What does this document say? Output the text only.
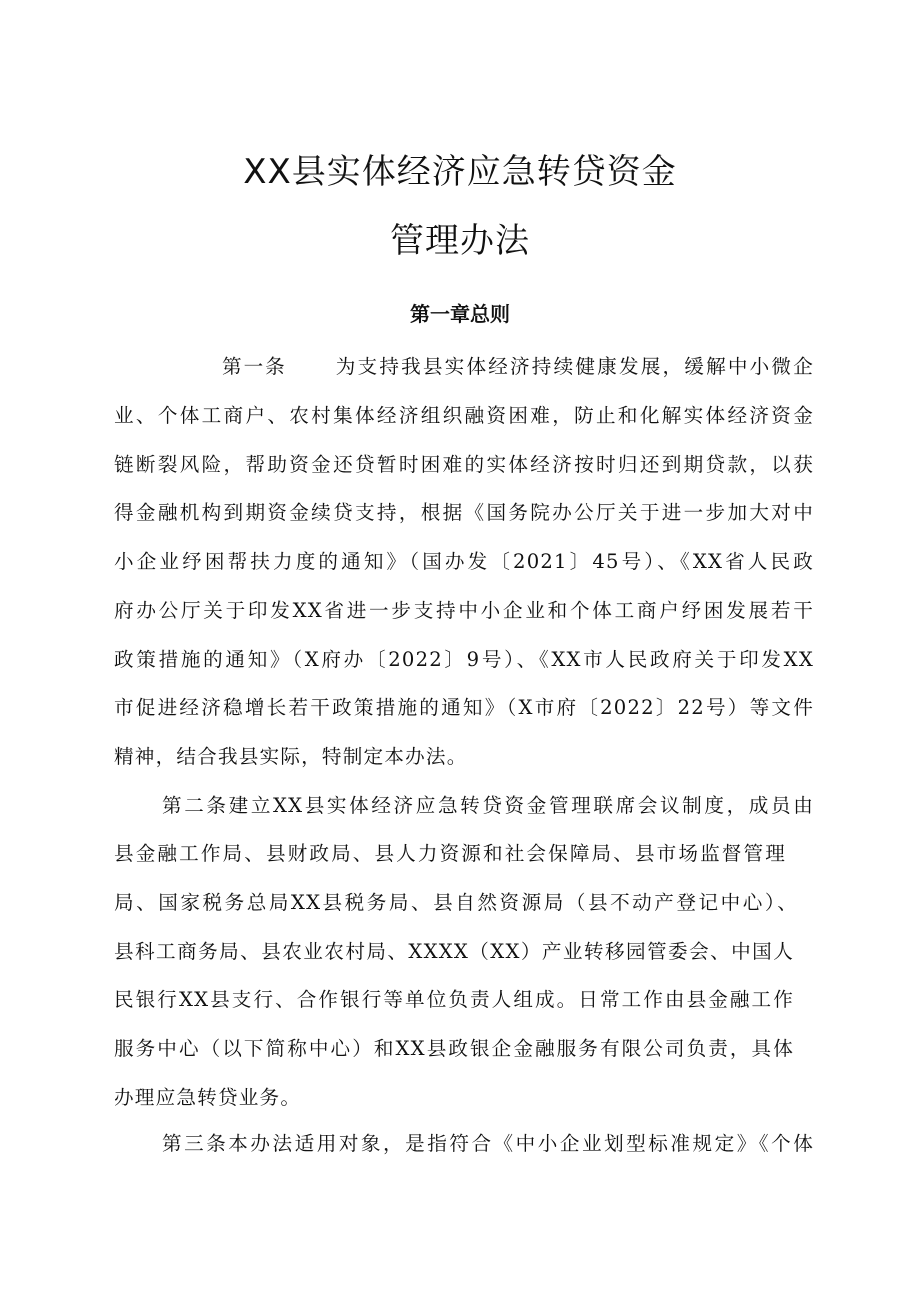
XX县实体经济应急转贷资金
管理办法
第一章总则

第一条 为支持我县实体经济持续健康发展，缓解中小微企

业、个体工商户、农村集体经济组织融资困难，防止和化解实体经济资金

链断裂风险，帮助资金还贷暂时困难的实体经济按时归还到期贷款，以获

得金融机构到期资金续贷支持，根据《国务院办公厅关于进一步加大对中

小企业纾困帮扶力度的通知》（国办发〔2021〕45号）、《XX省人民政

府办公厅关于印发XX省进一步支持中小企业和个体工商户纾困发展若干

政策措施的通知》（X府办〔2022〕9号）、《XX市人民政府关于印发XX

市促进经济稳增长若干政策措施的通知》（X市府〔2022〕22号）等文件

精神，结合我县实际，特制定本办法。

第二条建立XX县实体经济应急转贷资金管理联席会议制度，成员由

县金融工作局、县财政局、县人力资源和社会保障局、县市场监督管理

局、国家税务总局XX县税务局、县自然资源局（县不动产登记中心）、

县科工商务局、县农业农村局、XXXX（XX）产业转移园管委会、中国人

民银行XX县支行、合作银行等单位负责人组成。日常工作由县金融工作

服务中心（以下简称中心）和XX县政银企金融服务有限公司负责，具体

办理应急转贷业务。

第三条本办法适用对象，是指符合《中小企业划型标准规定》《个体
